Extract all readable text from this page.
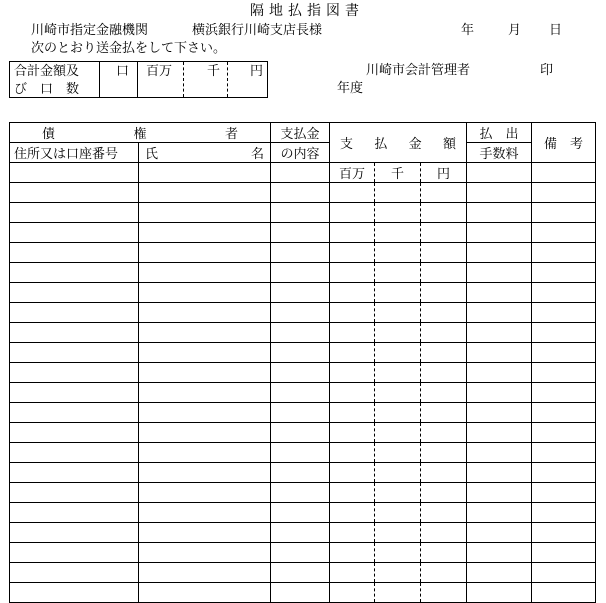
隔地払指図書
川崎市指定金融機関	横浜銀行川崎支店長様	年	月 日
次のとおり送金払をして下さい。
合計金額及
び　口　数
口 百万	千 円	川崎市会計管理者	印
年度
債 権 者		支払金	支 払 金 額			払　出	備　考
住所又は口座番号	氏 名	の内容				手数料	
			百万	千	円		
